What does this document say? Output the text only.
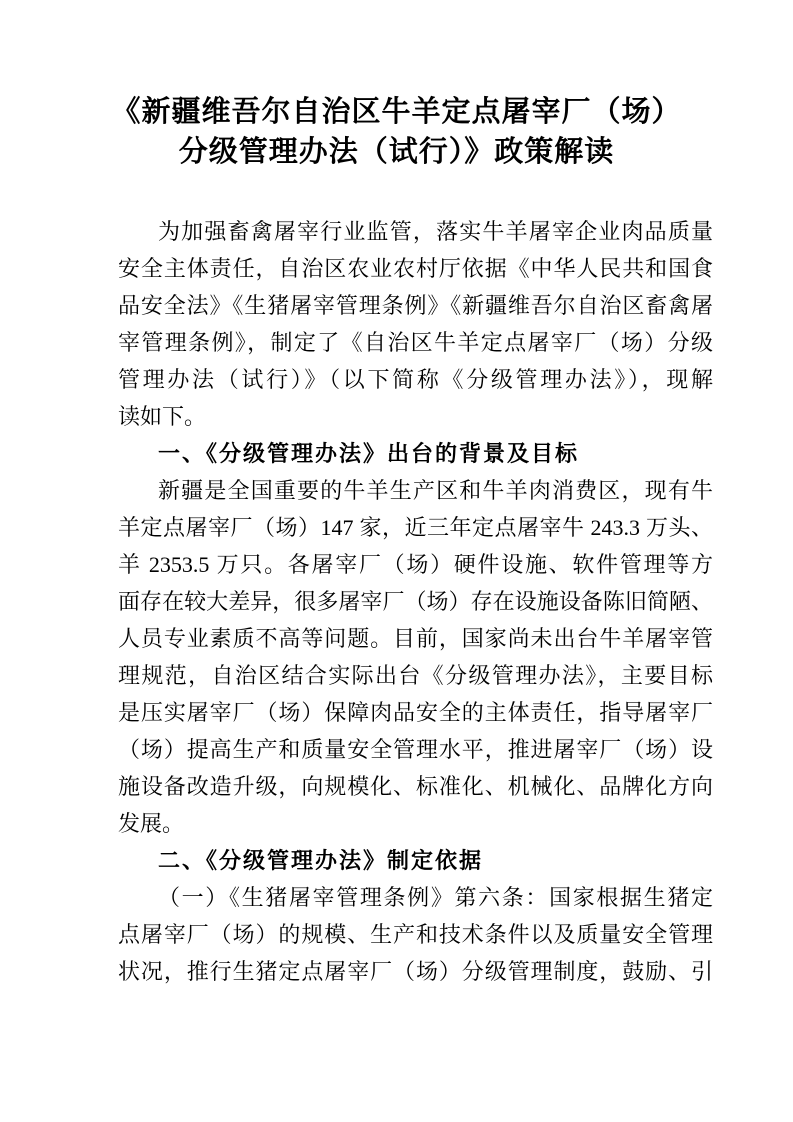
《新疆维吾尔自治区牛羊定点屠宰厂（场）
分级管理办法（试行）》政策解读
为加强畜禽屠宰行业监管，落实牛羊屠宰企业肉品质量
安全主体责任，自治区农业农村厅依据《中华人民共和国食
品安全法》《生猪屠宰管理条例》《新疆维吾尔自治区畜禽屠
宰管理条例》，制定了《自治区牛羊定点屠宰厂（场）分级
管理办法（试行）》（以下简称《分级管理办法》），现解
读如下。
一、《分级管理办法》出台的背景及目标
新疆是全国重要的牛羊生产区和牛羊肉消费区，现有牛
羊定点屠宰厂（场）147 家，近三年定点屠宰牛 243.3 万头、
羊 2353.5 万只。各屠宰厂（场）硬件设施、软件管理等方
面存在较大差异，很多屠宰厂（场）存在设施设备陈旧简陋、
人员专业素质不高等问题。目前，国家尚未出台牛羊屠宰管
理规范，自治区结合实际出台《分级管理办法》，主要目标
是压实屠宰厂（场）保障肉品安全的主体责任，指导屠宰厂
（场）提高生产和质量安全管理水平，推进屠宰厂（场）设
施设备改造升级，向规模化、标准化、机械化、品牌化方向
发展。
二、《分级管理办法》制定依据
（一）《生猪屠宰管理条例》第六条：国家根据生猪定
点屠宰厂（场）的规模、生产和技术条件以及质量安全管理
状况，推行生猪定点屠宰厂（场）分级管理制度，鼓励、引
